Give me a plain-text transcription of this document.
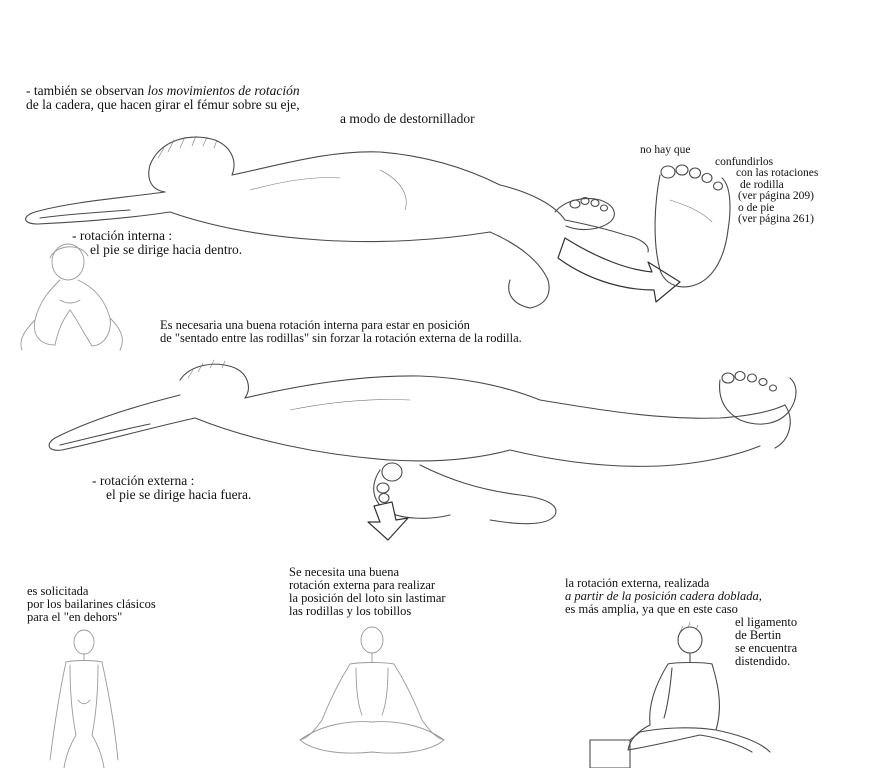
- también se observan los movimientos de rotación
de la cadera, que hacen girar el fémur sobre su eje,
a modo de destornillador
no hay que
confundirlos
con las rotaciones
de rodilla
(ver página 209)
o de pie
(ver página 261)
- rotación interna :
el pie se dirige hacia dentro.
Es necesaria una buena rotación interna para estar en posición
de "sentado entre las rodillas" sin forzar la rotación externa de la rodilla.
- rotación externa :
el pie se dirige hacia fuera.
es solicitada
por los bailarines clásicos
para el "en dehors"
Se necesita una buena
rotación externa para realizar
la posición del loto sin lastimar
las rodillas y los tobillos
la rotación externa, realizada
a partir de la posición cadera doblada,
es más amplia, ya que en este caso
el ligamento
de Bertin
se encuentra
distendido.
